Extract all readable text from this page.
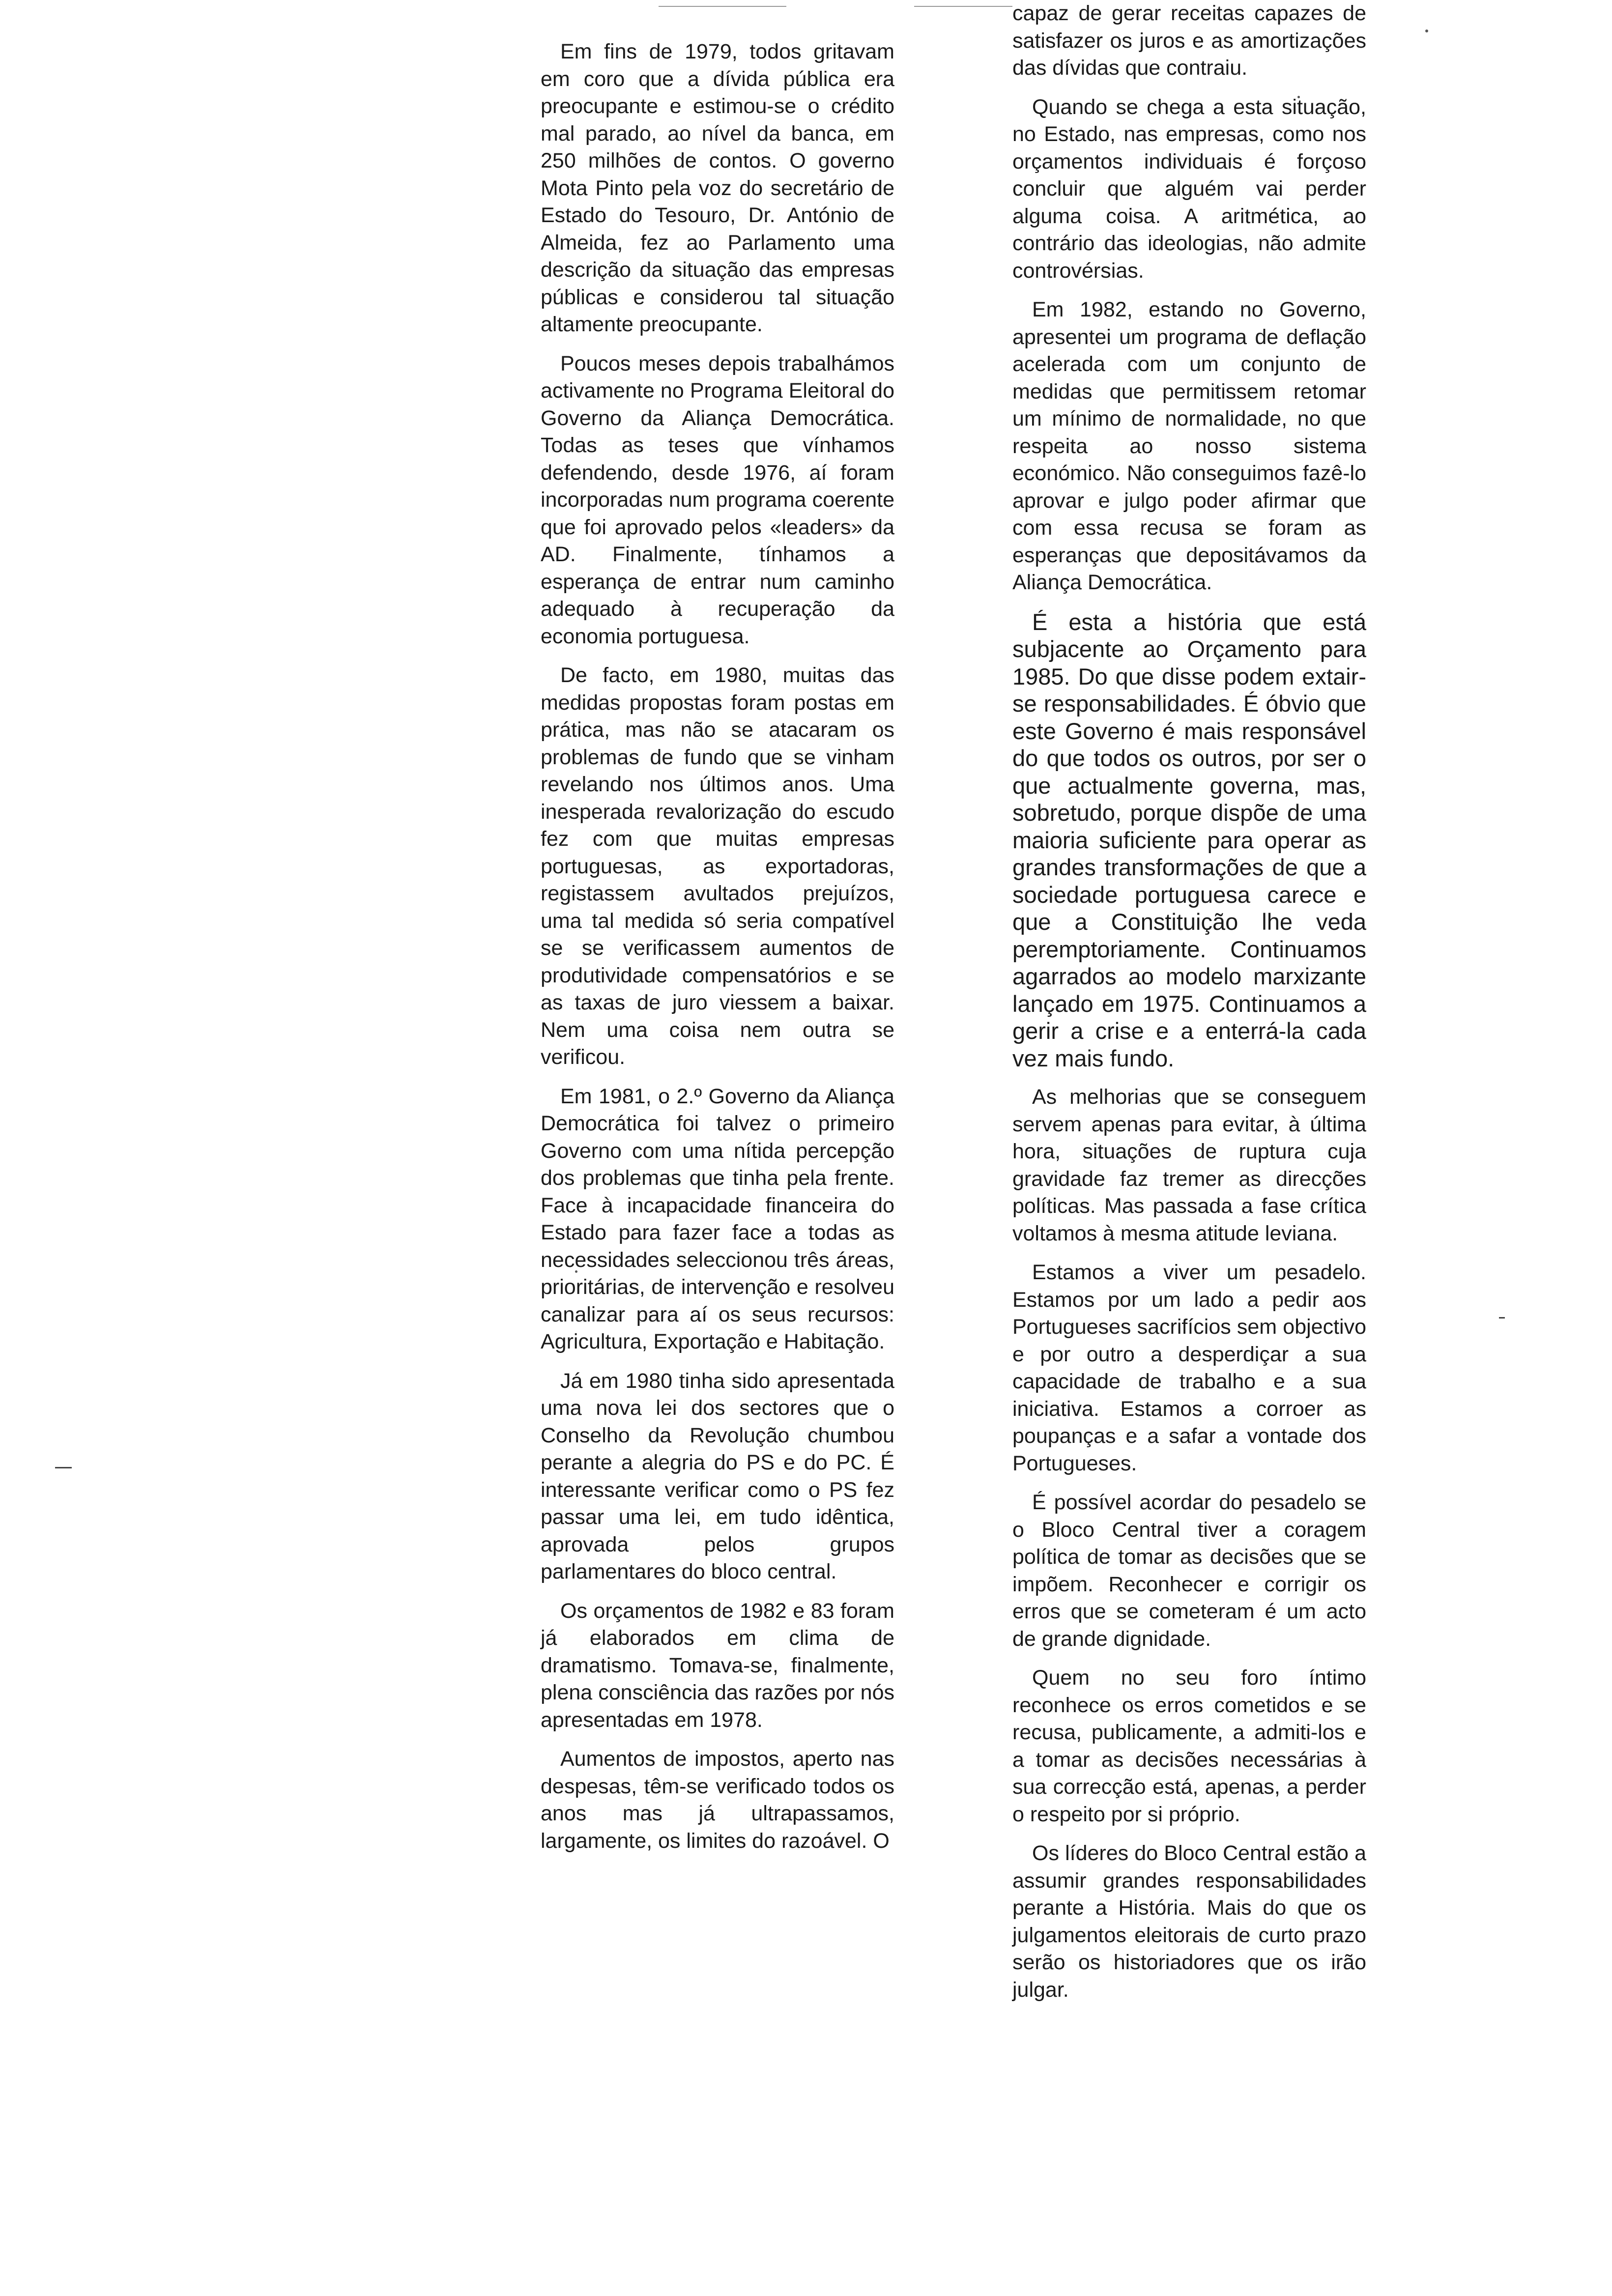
Em fins de 1979, todos gritavam em coro que a dívida pública era preocupante e estimou-se o crédito mal parado, ao nível da banca, em 250 milhões de contos. O governo Mota Pinto pela voz do secretário de Estado do Tesouro, Dr. António de Almeida, fez ao Parlamento uma descrição da situação das empresas públicas e considerou tal situação altamente preocupante.

Poucos meses depois trabalhámos activamente no Programa Eleitoral do Governo da Aliança Democrática. Todas as teses que vínhamos defendendo, desde 1976, aí foram incorporadas num programa coerente que foi aprovado pelos «leaders» da AD. Finalmente, tínhamos a esperança de entrar num caminho adequado à recuperação da economia portuguesa.

De facto, em 1980, muitas das medidas propostas foram postas em prática, mas não se atacaram os problemas de fundo que se vinham revelando nos últimos anos. Uma inesperada revalorização do escudo fez com que muitas empresas portuguesas, as exportadoras, registassem avultados prejuízos, uma tal medida só seria compatível se se verificassem aumentos de produtividade compensatórios e se as taxas de juro viessem a baixar. Nem uma coisa nem outra se verificou.

Em 1981, o 2.º Governo da Aliança Democrática foi talvez o primeiro Governo com uma nítida percepção dos problemas que tinha pela frente. Face à incapacidade financeira do Estado para fazer face a todas as necessidades seleccionou três áreas, prioritárias, de intervenção e resolveu canalizar para aí os seus recursos: Agricultura, Exportação e Habitação.

Já em 1980 tinha sido apresentada uma nova lei dos sectores que o Conselho da Revolução chumbou perante a alegria do PS e do PC. É interessante verificar como o PS fez passar uma lei, em tudo idêntica, aprovada pelos grupos parlamentares do bloco central.

Os orçamentos de 1982 e 83 foram já elaborados em clima de dramatismo. Tomava-se, finalmente, plena consciência das razões por nós apresentadas em 1978.

Aumentos de impostos, aperto nas despesas, têm-se verificado todos os anos mas já ultrapassamos, largamente, os limites do razoável. O

capaz de gerar receitas capazes de satisfazer os juros e as amortizações das dívidas que contraiu.

Quando se chega a esta situação, no Estado, nas empresas, como nos orçamentos individuais é forçoso concluir que alguém vai perder alguma coisa. A aritmética, ao contrário das ideologias, não admite controvérsias.

Em 1982, estando no Governo, apresentei um programa de deflação acelerada com um conjunto de medidas que permitissem retomar um mínimo de normalidade, no que respeita ao nosso sistema económico. Não conseguimos fazê-lo aprovar e julgo poder afirmar que com essa recusa se foram as esperanças que depositávamos da Aliança Democrática.

É esta a história que está subjacente ao Orçamento para 1985. Do que disse podem extair-se responsabilidades. É óbvio que este Governo é mais responsável do que todos os outros, por ser o que actualmente governa, mas, sobretudo, porque dispõe de uma maioria suficiente para operar as grandes transformações de que a sociedade portuguesa carece e que a Constituição lhe veda peremptoriamente. Continuamos agarrados ao modelo marxizante lançado em 1975. Continuamos a gerir a crise e a enterrá-la cada vez mais fundo.

As melhorias que se conseguem servem apenas para evitar, à última hora, situações de ruptura cuja gravidade faz tremer as direcções políticas. Mas passada a fase crítica voltamos à mesma atitude leviana.

Estamos a viver um pesadelo. Estamos por um lado a pedir aos Portugueses sacrifícios sem objectivo e por outro a desperdiçar a sua capacidade de trabalho e a sua iniciativa. Estamos a corroer as poupanças e a safar a vontade dos Portugueses.

É possível acordar do pesadelo se o Bloco Central tiver a coragem política de tomar as decisões que se impõem. Reconhecer e corrigir os erros que se cometeram é um acto de grande dignidade.

Quem no seu foro íntimo reconhece os erros cometidos e se recusa, publicamente, a admiti-los e a tomar as decisões necessárias à sua correcção está, apenas, a perder o respeito por si próprio.

Os líderes do Bloco Central estão a assumir grandes responsabilidades perante a História. Mais do que os julgamentos eleitorais de curto prazo serão os historiadores que os irão julgar.
